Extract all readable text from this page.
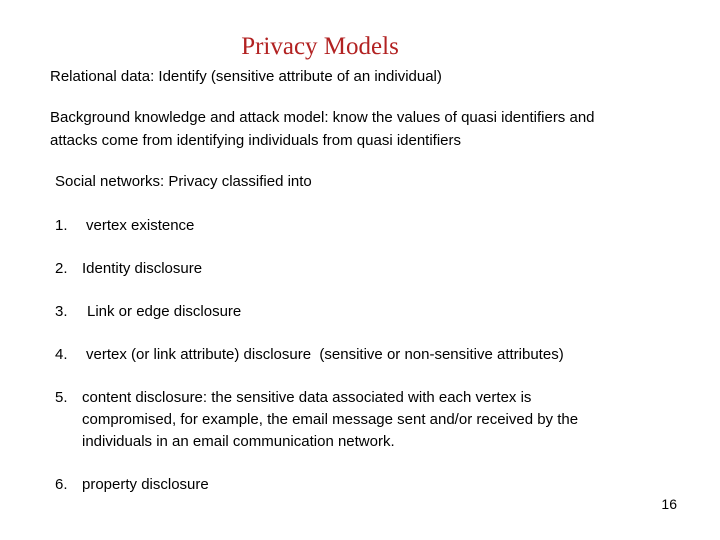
Privacy Models
Relational data: Identify (sensitive attribute of an individual)
Background knowledge and attack model: know the values of quasi identifiers and
attacks come from identifying individuals from quasi identifiers
Social networks: Privacy classified into
1. vertex existence
2. Identity disclosure
3. Link or edge disclosure
4. vertex (or link attribute) disclosure  (sensitive or non-sensitive attributes)
5. content disclosure: the sensitive data associated with each vertex is
compromised, for example, the email message sent and/or received by the
individuals in an email communication network.
6. property disclosure
16
